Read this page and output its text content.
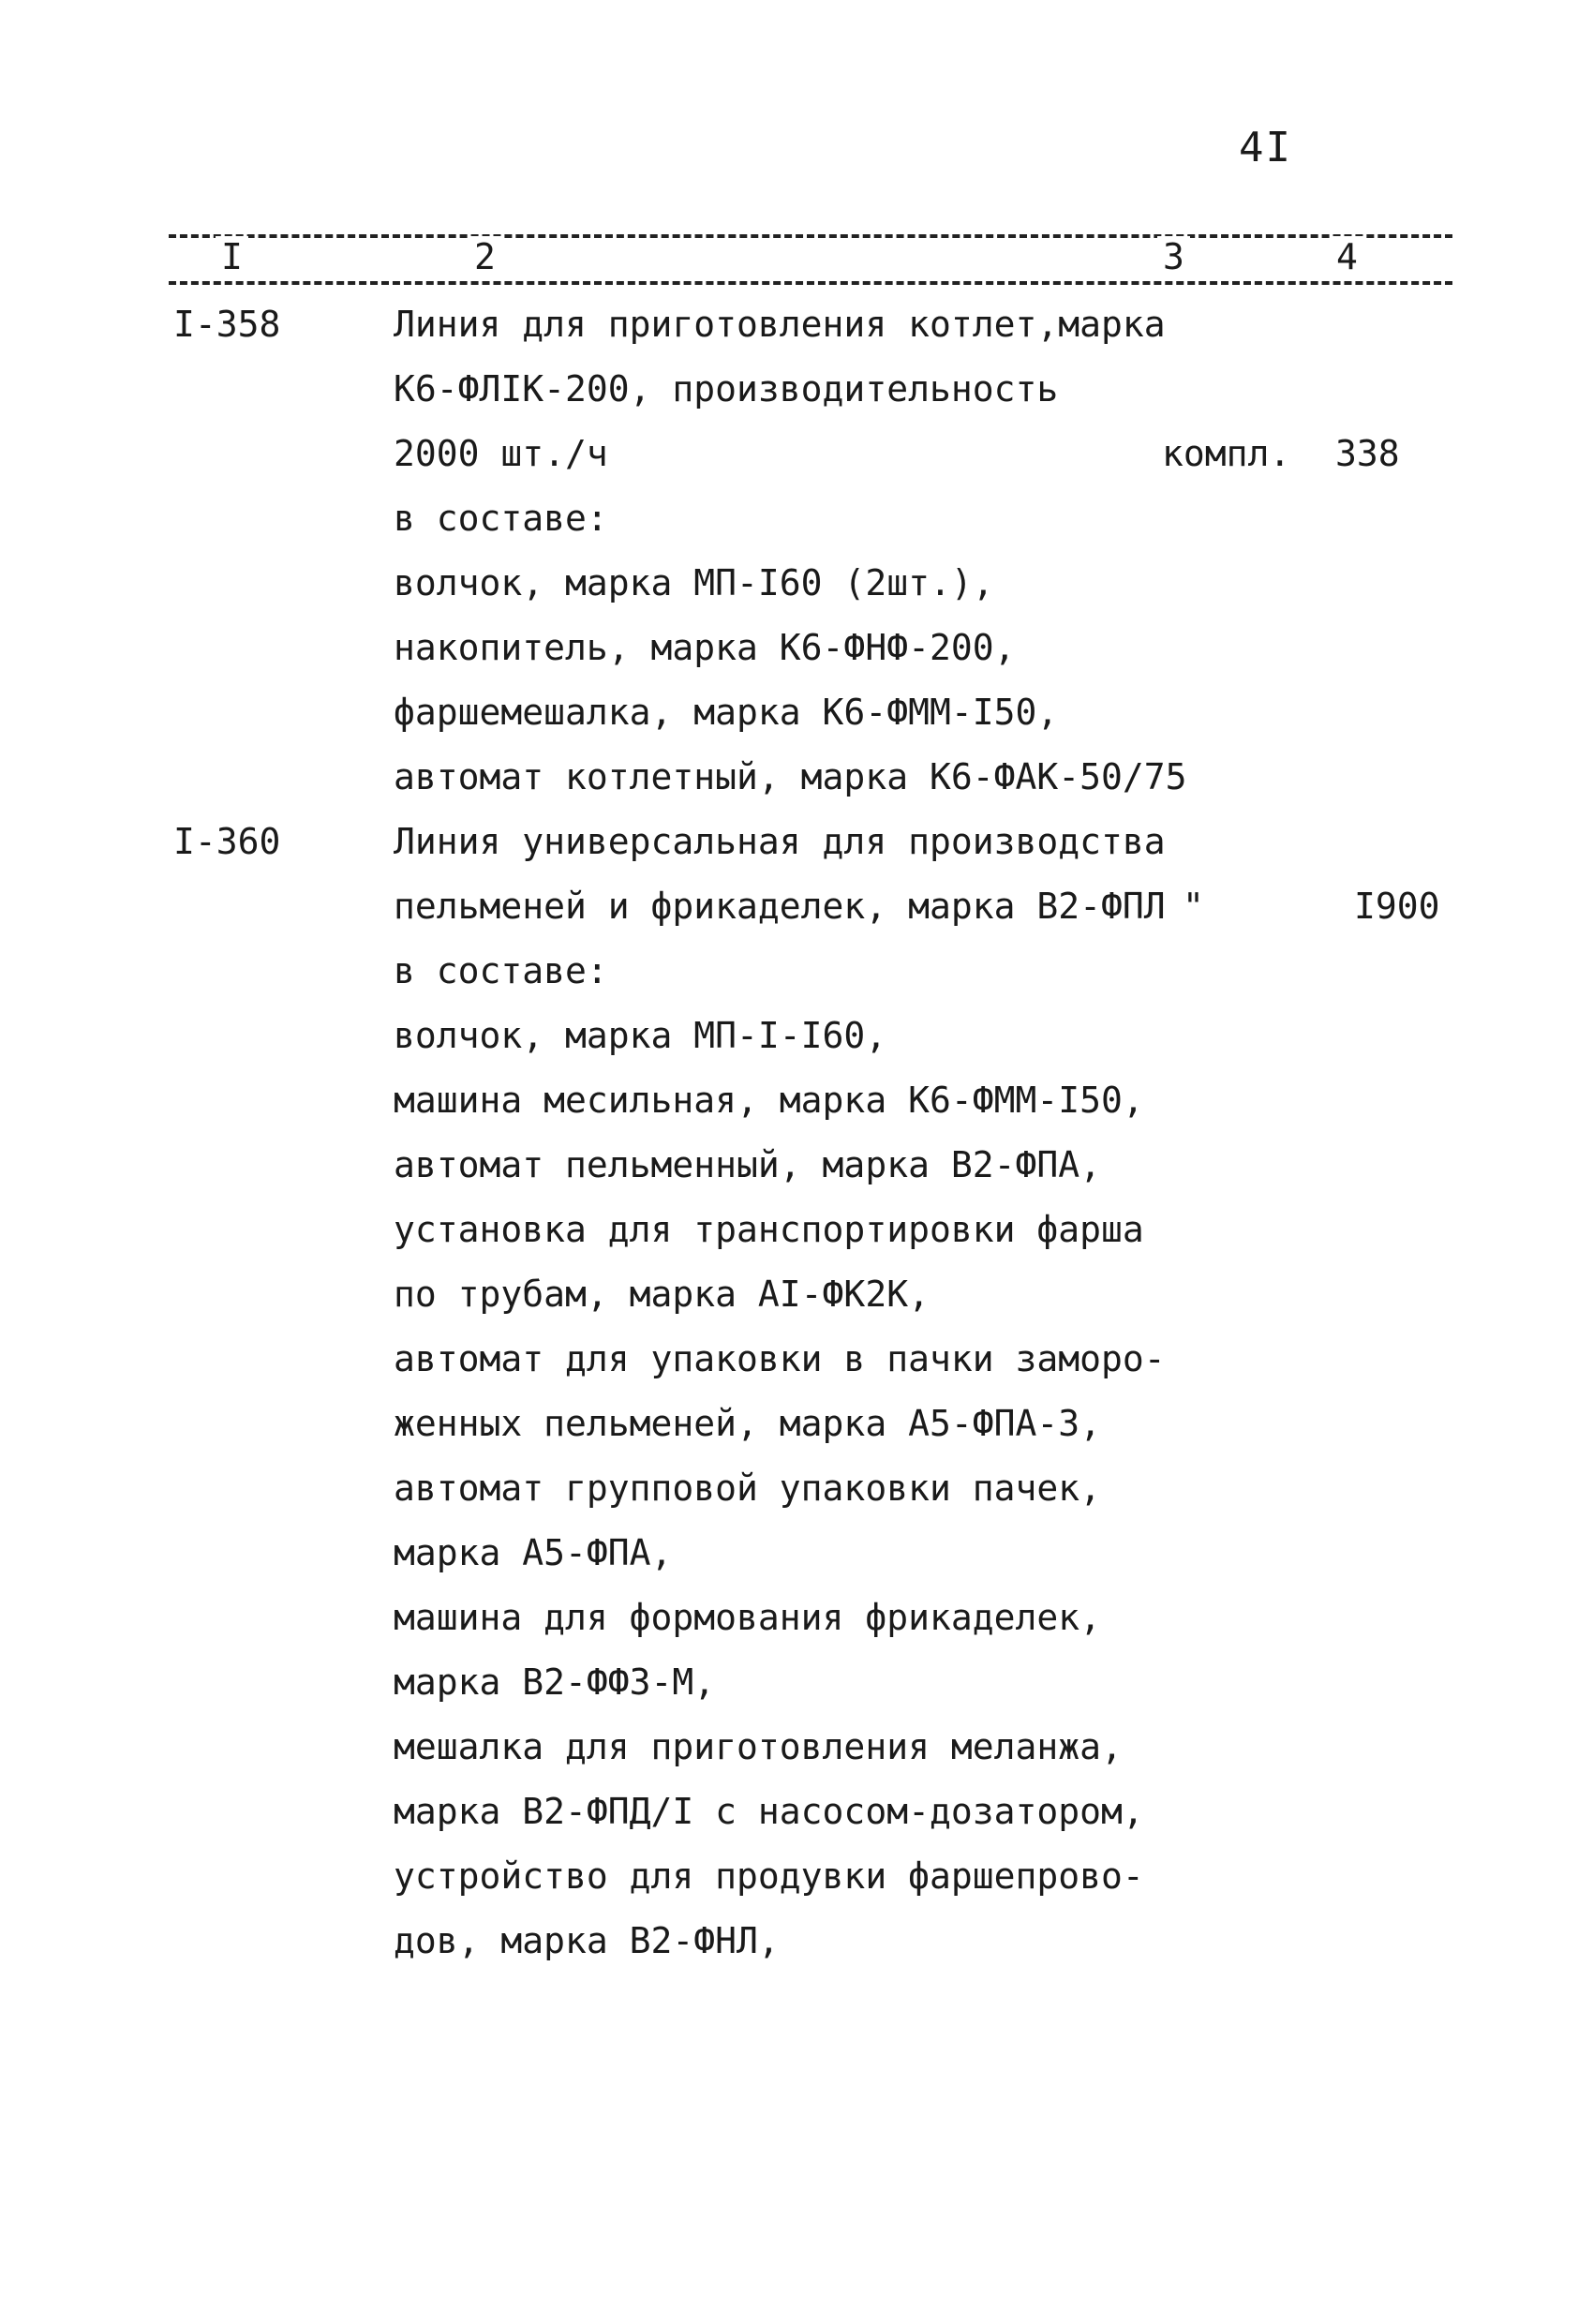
4I
I	2	3	4
I-358	Линия для приготовления котлет,марка
К6-ФЛIК-200, производительность
2000 шт./ч	компл. 338
в составе:
волчок, марка МП-I60 (2шт.),
накопитель, марка К6-ФНФ-200,
фаршемешалка, марка К6-ФММ-I50,
автомат котлетный, марка К6-ФАК-50/75
I-360	Линия универсальная для производства
пельменей и фрикаделек, марка В2-ФПЛ "	I900
в составе:
волчок, марка МП-I-I60,
машина месильная, марка К6-ФММ-I50,
автомат пельменный, марка В2-ФПА,
установка для транспортировки фарша
по трубам, марка АI-ФК2К,
автомат для упаковки в пачки заморо-
женных пельменей, марка А5-ФПА-3,
автомат групповой упаковки пачек,
марка А5-ФПА,
машина для формования фрикаделек,
марка В2-ФФЗ-М,
мешалка для приготовления меланжа,
марка В2-ФПД/I с насосом-дозатором,
устройство для продувки фаршепрово-
дов, марка В2-ФНЛ,
